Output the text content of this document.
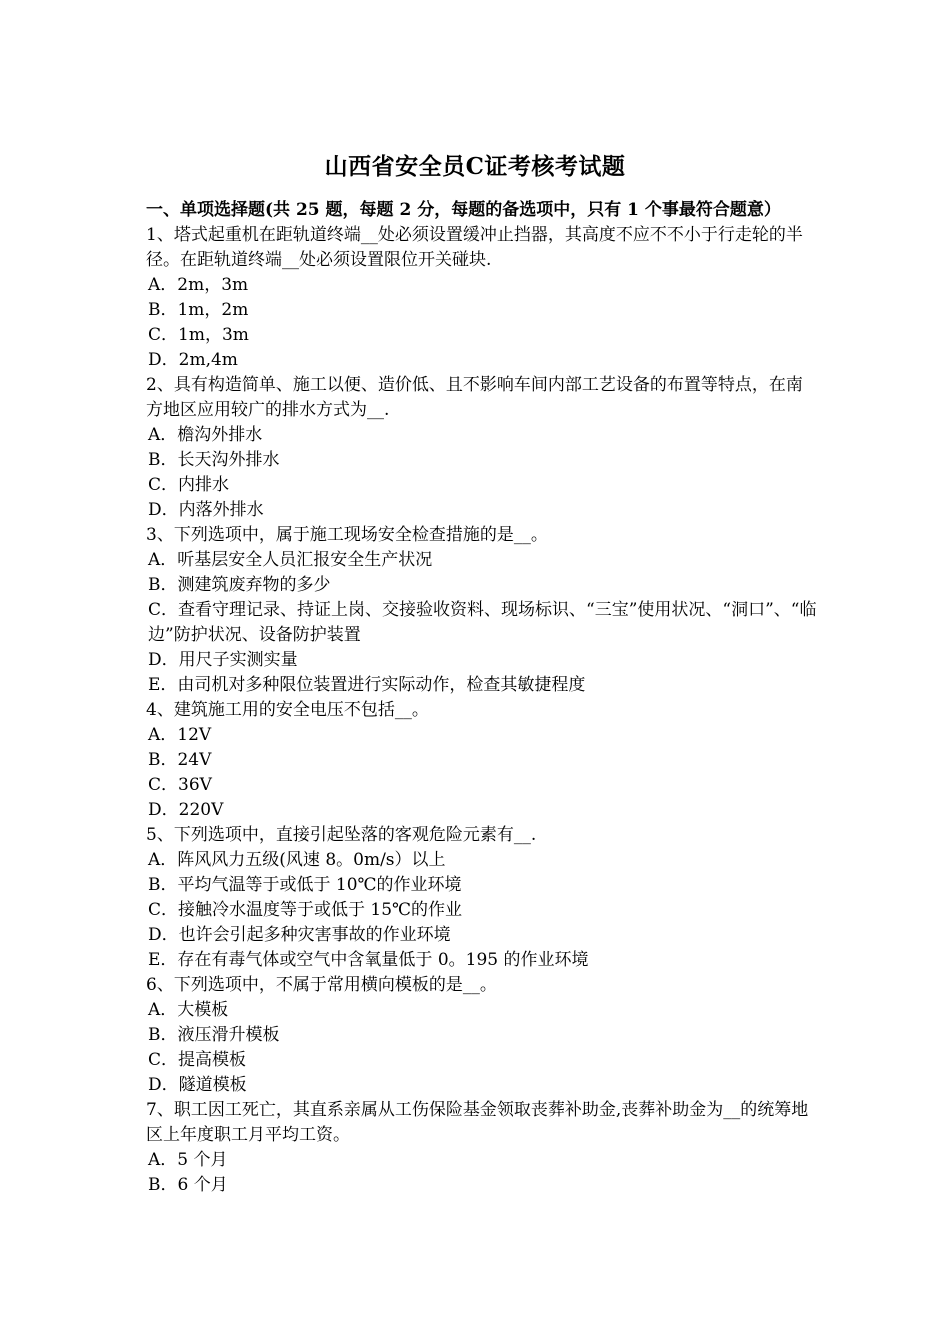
山西省安全员C证考核考试题

一、单项选择题(共 25 题，每题 2 分，每题的备选项中，只有 1 个事最符合题意）

1、塔式起重机在距轨道终端__处必须设置缓冲止挡器，其高度不应不不小于行走轮的半径。在距轨道终端__处必须设置限位开关碰块.

A．2m，3m

B．1m，2m

C．1m，3m

D．2m,4m

2、具有构造简单、施工以便、造价低、且不影响车间内部工艺设备的布置等特点，在南方地区应用较广的排水方式为__.

A．檐沟外排水

B．长天沟外排水

C．内排水

D．内落外排水

3、下列选项中，属于施工现场安全检查措施的是__。

A．听基层安全人员汇报安全生产状况

B．测建筑废弃物的多少

C．查看守理记录、持证上岗、交接验收资料、现场标识、“三宝”使用状况、“洞口”、“临边”防护状况、设备防护装置

D．用尺子实测实量

E．由司机对多种限位装置进行实际动作，检查其敏捷程度

4、建筑施工用的安全电压不包括__。

A．12V

B．24V

C．36V

D．220V

5、下列选项中，直接引起坠落的客观危险元素有__.

A．阵风风力五级(风速 8。0m/s）以上

B．平均气温等于或低于 10℃的作业环境

C．接触冷水温度等于或低于 15℃的作业

D．也许会引起多种灾害事故的作业环境

E．存在有毒气体或空气中含氧量低于 0。195 的作业环境

6、下列选项中，不属于常用横向模板的是__。

A．大模板

B．液压滑升模板

C．提高模板

D．隧道模板

7、职工因工死亡，其直系亲属从工伤保险基金领取丧葬补助金,丧葬补助金为__的统筹地区上年度职工月平均工资。

A．5 个月

B．6 个月
